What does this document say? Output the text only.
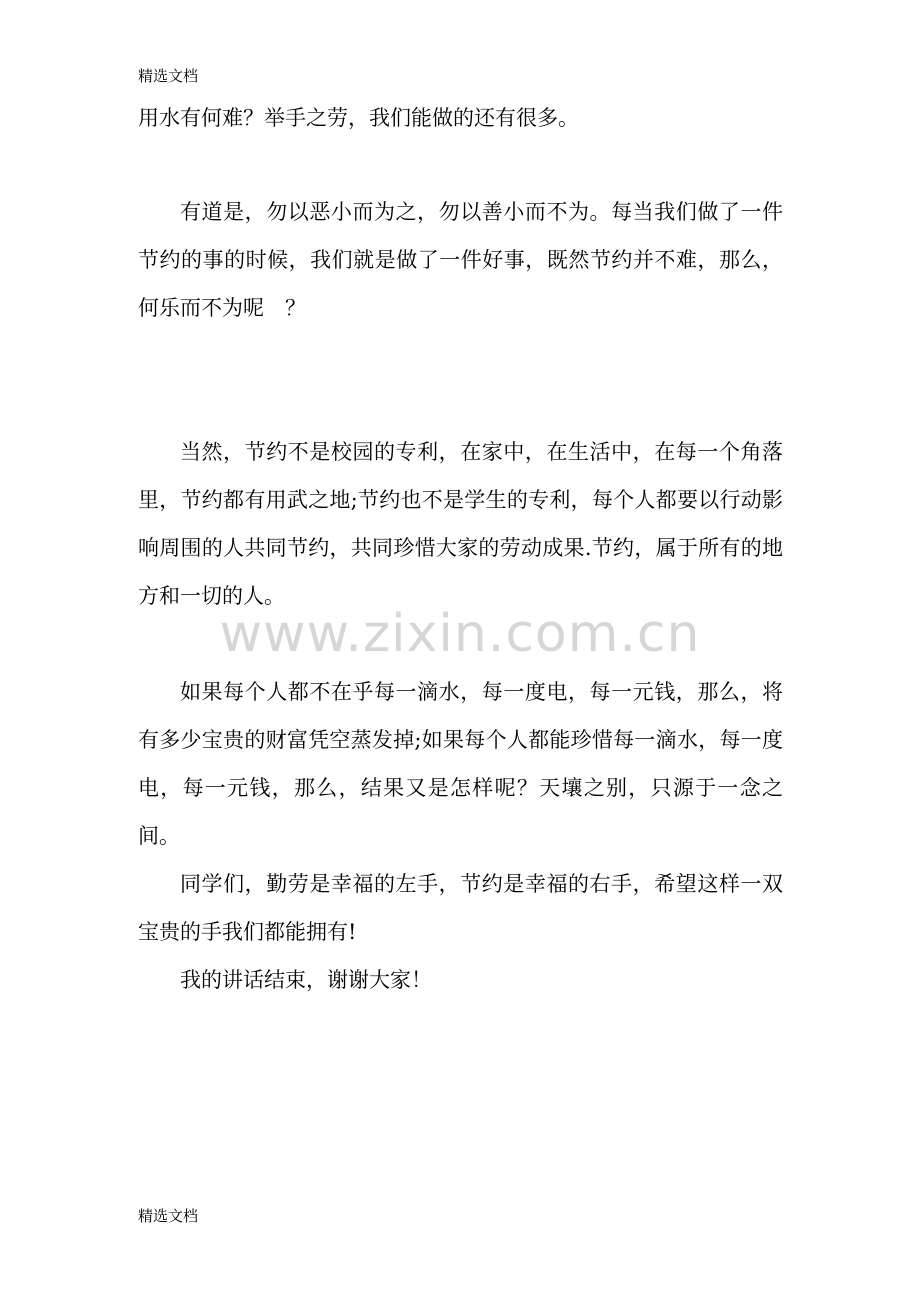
精选文档

用水有何难？举手之劳，我们能做的还有很多。

有道是，勿以恶小而为之，勿以善小而不为。每当我们做了一件节约的事的时候，我们就是做了一件好事，既然节约并不难，那么，何乐而不为呢　？

当然，节约不是校园的专利，在家中，在生活中，在每一个角落里，节约都有用武之地;节约也不是学生的专利，每个人都要以行动影响周围的人共同节约，共同珍惜大家的劳动成果.节约，属于所有的地方和一切的人。

www.zixin.com.cn

如果每个人都不在乎每一滴水，每一度电，每一元钱，那么，将有多少宝贵的财富凭空蒸发掉;如果每个人都能珍惜每一滴水，每一度电，每一元钱，那么，结果又是怎样呢？天壤之别，只源于一念之间。

同学们，勤劳是幸福的左手，节约是幸福的右手，希望这样一双宝贵的手我们都能拥有!

我的讲话结束，谢谢大家！

精选文档
